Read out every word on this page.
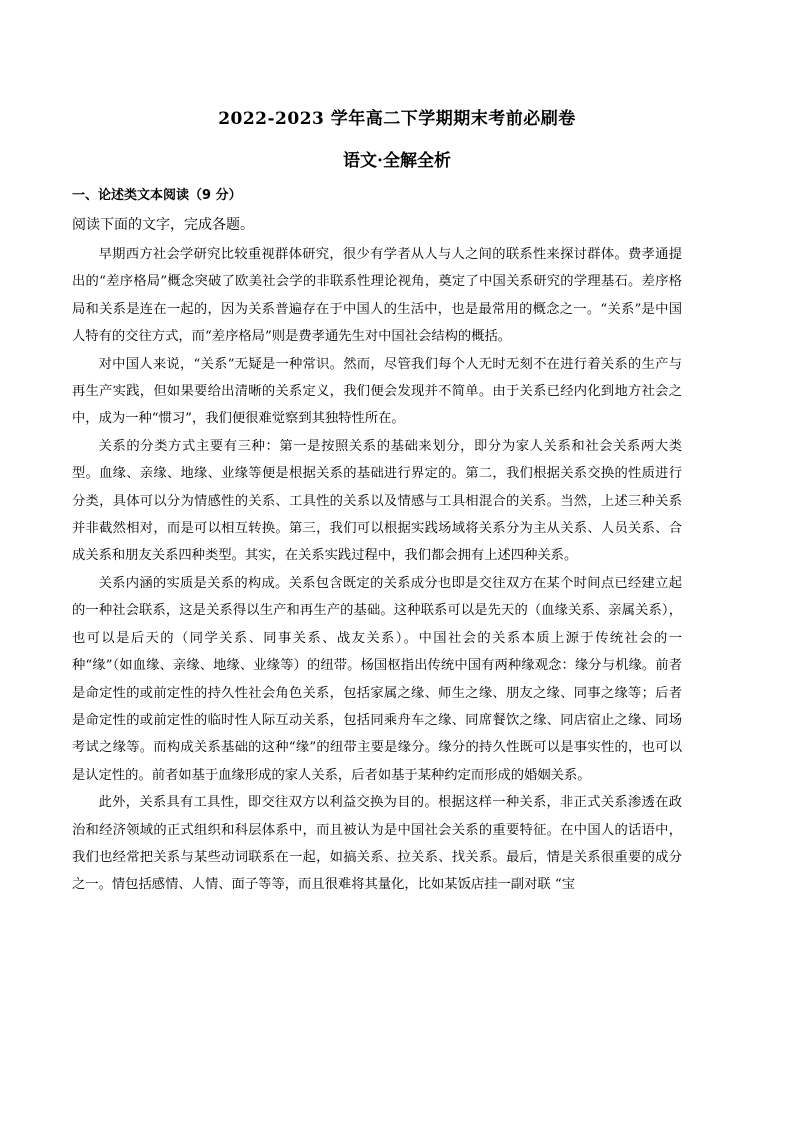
2022-2023 学年高二下学期期末考前必刷卷
语文·全解全析
一、论述类文本阅读（9 分）
阅读下面的文字，完成各题。

早期西方社会学研究比较重视群体研究，很少有学者从人与人之间的联系性来探讨群体。费孝通提出的“差序格局”概念突破了欧美社会学的非联系性理论视角，奠定了中国关系研究的学理基石。差序格局和关系是连在一起的，因为关系普遍存在于中国人的生活中，也是最常用的概念之一。“关系”是中国人特有的交往方式，而“差序格局”则是费孝通先生对中国社会结构的概括。

对中国人来说，“关系”无疑是一种常识。然而，尽管我们每个人无时无刻不在进行着关系的生产与再生产实践，但如果要给出清晰的关系定义，我们便会发现并不简单。由于关系已经内化到地方社会之中，成为一种“惯习”，我们便很难觉察到其独特性所在。

关系的分类方式主要有三种：第一是按照关系的基础来划分，即分为家人关系和社会关系两大类型。血缘、亲缘、地缘、业缘等便是根据关系的基础进行界定的。第二，我们根据关系交换的性质进行分类，具体可以分为情感性的关系、工具性的关系以及情感与工具相混合的关系。当然，上述三种关系并非截然相对，而是可以相互转换。第三，我们可以根据实践场域将关系分为主从关系、人员关系、合成关系和朋友关系四种类型。其实，在关系实践过程中，我们都会拥有上述四种关系。

关系内涵的实质是关系的构成。关系包含既定的关系成分也即是交往双方在某个时间点已经建立起的一种社会联系，这是关系得以生产和再生产的基础。这种联系可以是先天的（血缘关系、亲属关系），也可以是后天的（同学关系、同事关系、战友关系）。中国社会的关系本质上源于传统社会的一种“缘”（如血缘、亲缘、地缘、业缘等）的纽带。杨国枢指出传统中国有两种缘观念：缘分与机缘。前者是命定性的或前定性的持久性社会角色关系，包括家属之缘、师生之缘、朋友之缘、同事之缘等；后者是命定性的或前定性的临时性人际互动关系，包括同乘舟车之缘、同席餐饮之缘、同店宿止之缘、同场考试之缘等。而构成关系基础的这种“缘”的纽带主要是缘分。缘分的持久性既可以是事实性的，也可以是认定性的。前者如基于血缘形成的家人关系，后者如基于某种约定而形成的婚姻关系。

此外，关系具有工具性，即交往双方以利益交换为目的。根据这样一种关系，非正式关系渗透在政治和经济领域的正式组织和科层体系中，而且被认为是中国社会关系的重要特征。在中国人的话语中，我们也经常把关系与某些动词联系在一起，如搞关系、拉关系、找关系。最后，情是关系很重要的成分之一。情包括感情、人情、面子等等，而且很难将其量化，比如某饭店挂一副对联 “宝
